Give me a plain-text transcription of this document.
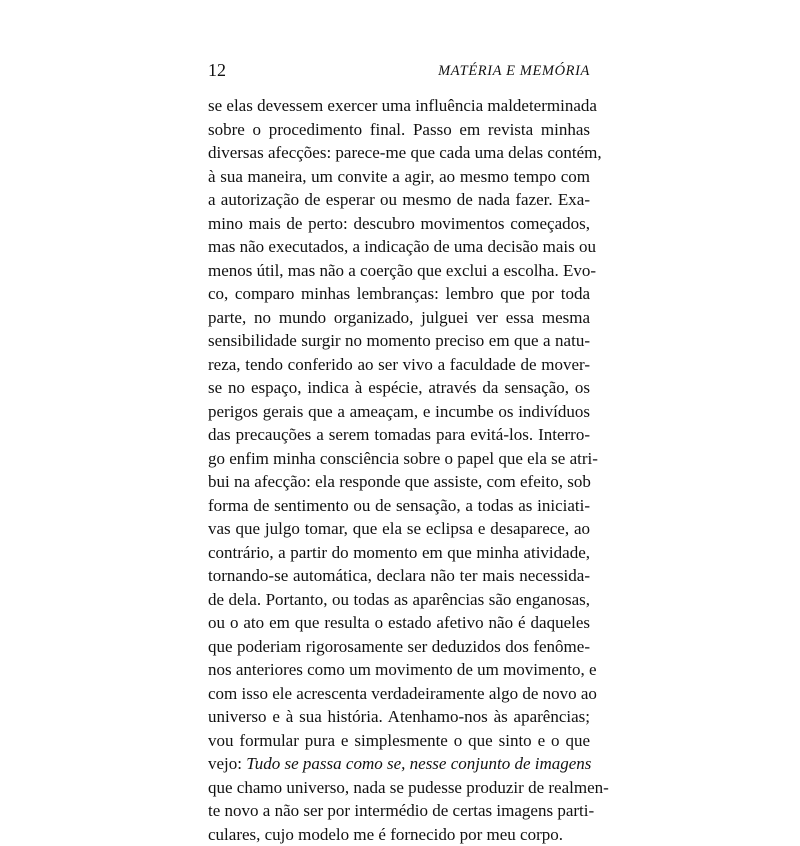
12	MATÉRIA E MEMÓRIA
se elas devessem exercer uma influência maldeterminada
sobre o procedimento final. Passo em revista minhas
diversas afecções: parece-me que cada uma delas contém,
à sua maneira, um convite a agir, ao mesmo tempo com
a autorização de esperar ou mesmo de nada fazer. Exa-
mino mais de perto: descubro movimentos começados,
mas não executados, a indicação de uma decisão mais ou
menos útil, mas não a coerção que exclui a escolha. Evo-
co, comparo minhas lembranças: lembro que por toda
parte, no mundo organizado, julguei ver essa mesma
sensibilidade surgir no momento preciso em que a natu-
reza, tendo conferido ao ser vivo a faculdade de mover-
se no espaço, indica à espécie, através da sensação, os
perigos gerais que a ameaçam, e incumbe os indivíduos
das precauções a serem tomadas para evitá-los. Interro-
go enfim minha consciência sobre o papel que ela se atri-
bui na afecção: ela responde que assiste, com efeito, sob
forma de sentimento ou de sensação, a todas as iniciati-
vas que julgo tomar, que ela se eclipsa e desaparece, ao
contrário, a partir do momento em que minha atividade,
tornando-se automática, declara não ter mais necessida-
de dela. Portanto, ou todas as aparências são enganosas,
ou o ato em que resulta o estado afetivo não é daqueles
que poderiam rigorosamente ser deduzidos dos fenôme-
nos anteriores como um movimento de um movimento, e
com isso ele acrescenta verdadeiramente algo de novo ao
universo e à sua história. Atenhamo-nos às aparências;
vou formular pura e simplesmente o que sinto e o que
vejo: Tudo se passa como se, nesse conjunto de imagens
que chamo universo, nada se pudesse produzir de realmen-
te novo a não ser por intermédio de certas imagens parti-
culares, cujo modelo me é fornecido por meu corpo.
